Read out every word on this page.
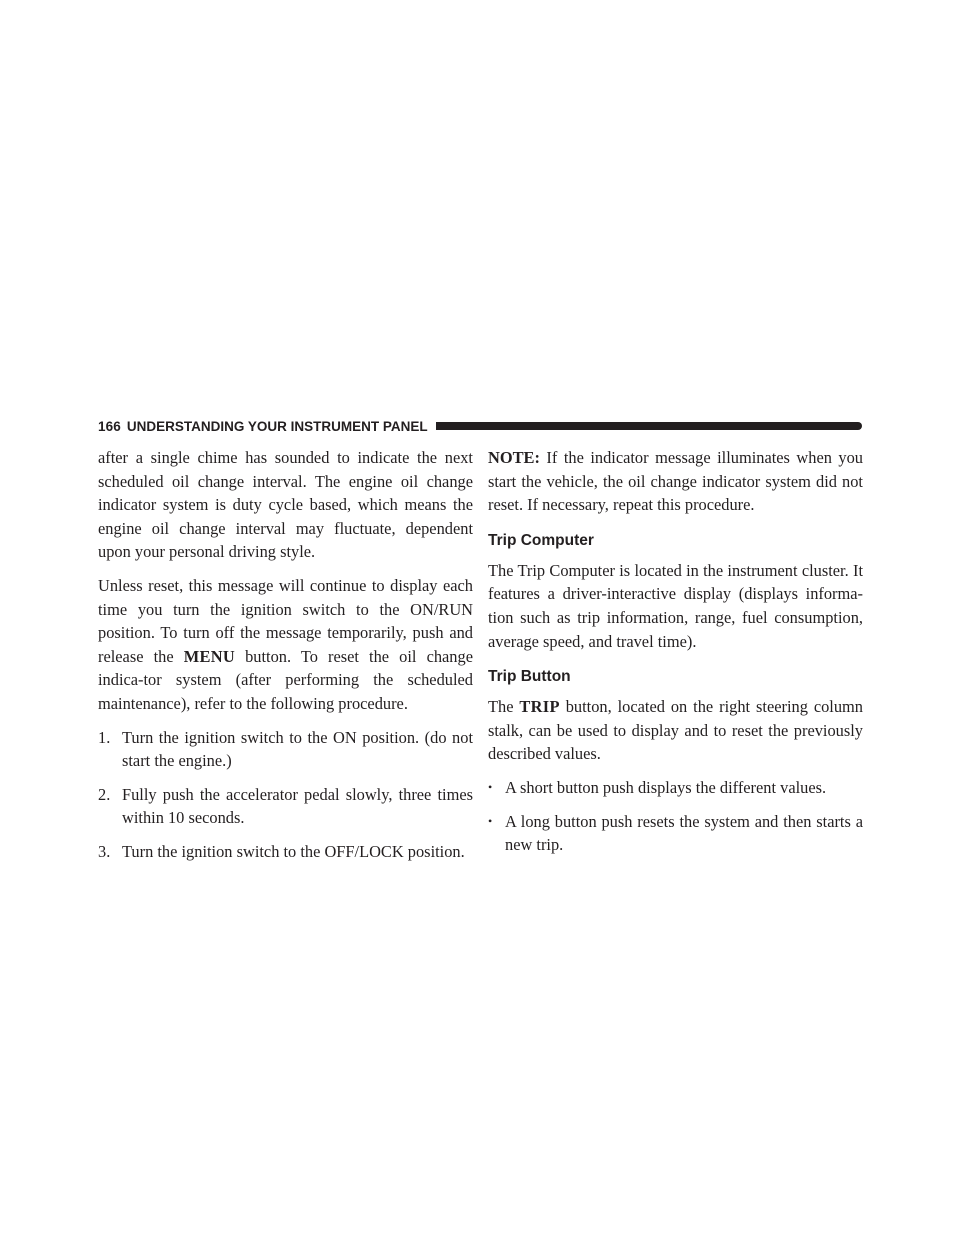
166 UNDERSTANDING YOUR INSTRUMENT PANEL

after a single chime has sounded to indicate the next scheduled oil change interval. The engine oil change indicator system is duty cycle based, which means the engine oil change interval may fluctuate, dependent upon your personal driving style.

Unless reset, this message will continue to display each time you turn the ignition switch to the ON/RUN position. To turn off the message temporarily, push and release the MENU button. To reset the oil change indica-tor system (after performing the scheduled maintenance), refer to the following procedure.

1. Turn the ignition switch to the ON position. (do not start the engine.)
2. Fully push the accelerator pedal slowly, three times within 10 seconds.
3. Turn the ignition switch to the OFF/LOCK position.

NOTE: If the indicator message illuminates when you start the vehicle, the oil change indicator system did not reset. If necessary, repeat this procedure.

Trip Computer

The Trip Computer is located in the instrument cluster. It features a driver-interactive display (displays informa-tion such as trip information, range, fuel consumption, average speed, and travel time).

Trip Button

The TRIP button, located on the right steering column stalk, can be used to display and to reset the previously described values.

• A short button push displays the different values.
• A long button push resets the system and then starts a new trip.
